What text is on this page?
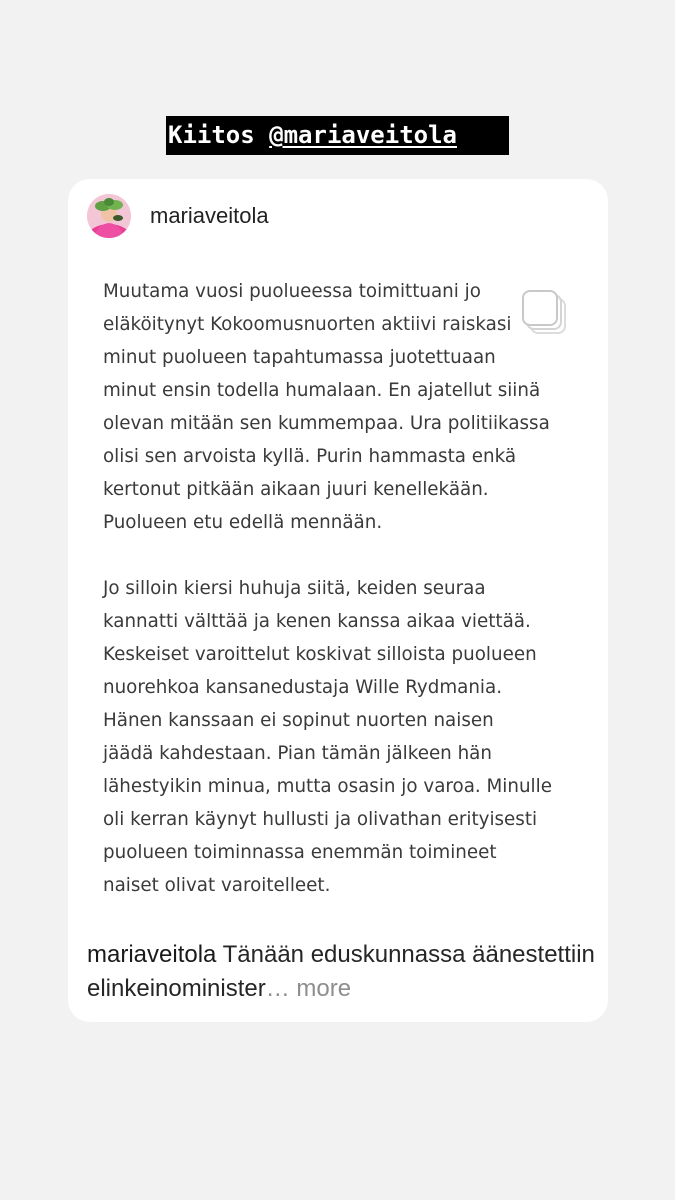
Kiitos @mariaveitola
mariaveitola

Muutama vuosi puolueessa toimittuani jo
eläköitynyt Kokoomusnuorten aktiivi raiskasi
minut puolueen tapahtumassa juotettuaan
minut ensin todella humalaan. En ajatellut siinä
olevan mitään sen kummempaa. Ura politiikassa
olisi sen arvoista kyllä. Purin hammasta enkä
kertonut pitkään aikaan juuri kenellekään.
Puolueen etu edellä mennään.

Jo silloin kiersi huhuja siitä, keiden seuraa
kannatti välttää ja kenen kanssa aikaa viettää.
Keskeiset varoittelut koskivat silloista puolueen
nuorehkoa kansanedustaja Wille Rydmania.
Hänen kanssaan ei sopinut nuorten naisen
jäädä kahdestaan. Pian tämän jälkeen hän
lähestyikin minua, mutta osasin jo varoa. Minulle
oli kerran käynyt hullusti ja olivathan erityisesti
puolueen toiminnassa enemmän toimineet
naiset olivat varoitelleet.

mariaveitola Tänään eduskunnassa äänestettiin elinkeinominister… more
